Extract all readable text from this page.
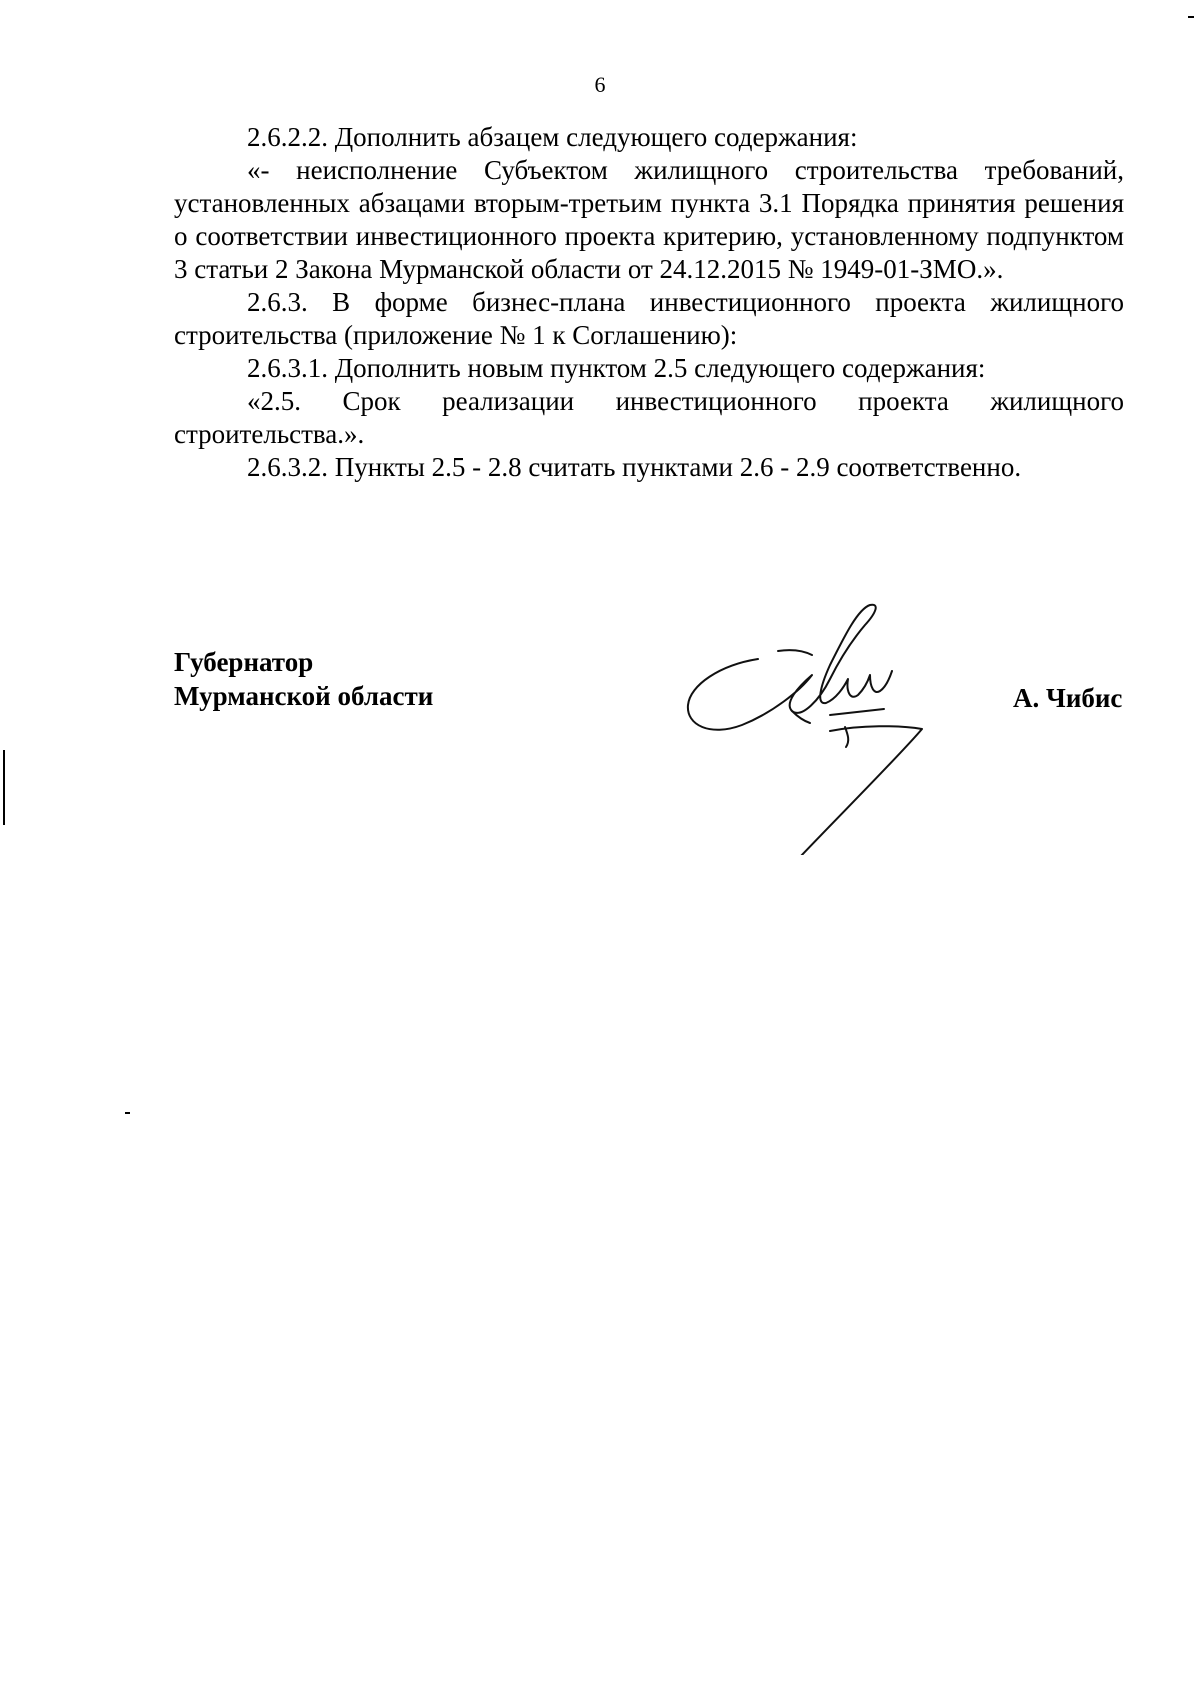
6

2.6.2.2. Дополнить абзацем следующего содержания:

«- неисполнение Субъектом жилищного строительства требований, установленных абзацами вторым-третьим пункта 3.1 Порядка принятия решения о соответствии инвестиционного проекта критерию, установленному подпунктом 3 статьи 2 Закона Мурманской области от 24.12.2015 № 1949-01-ЗМО.».

2.6.3. В форме бизнес-плана инвестиционного проекта жилищного строительства (приложение № 1 к Соглашению):

2.6.3.1. Дополнить новым пунктом 2.5 следующего содержания:

«2.5. Срок реализации инвестиционного проекта жилищного строительства.».

2.6.3.2. Пункты 2.5 - 2.8 считать пунктами 2.6 - 2.9 соответственно.

Губернатор
Мурманской области	А. Чибис
